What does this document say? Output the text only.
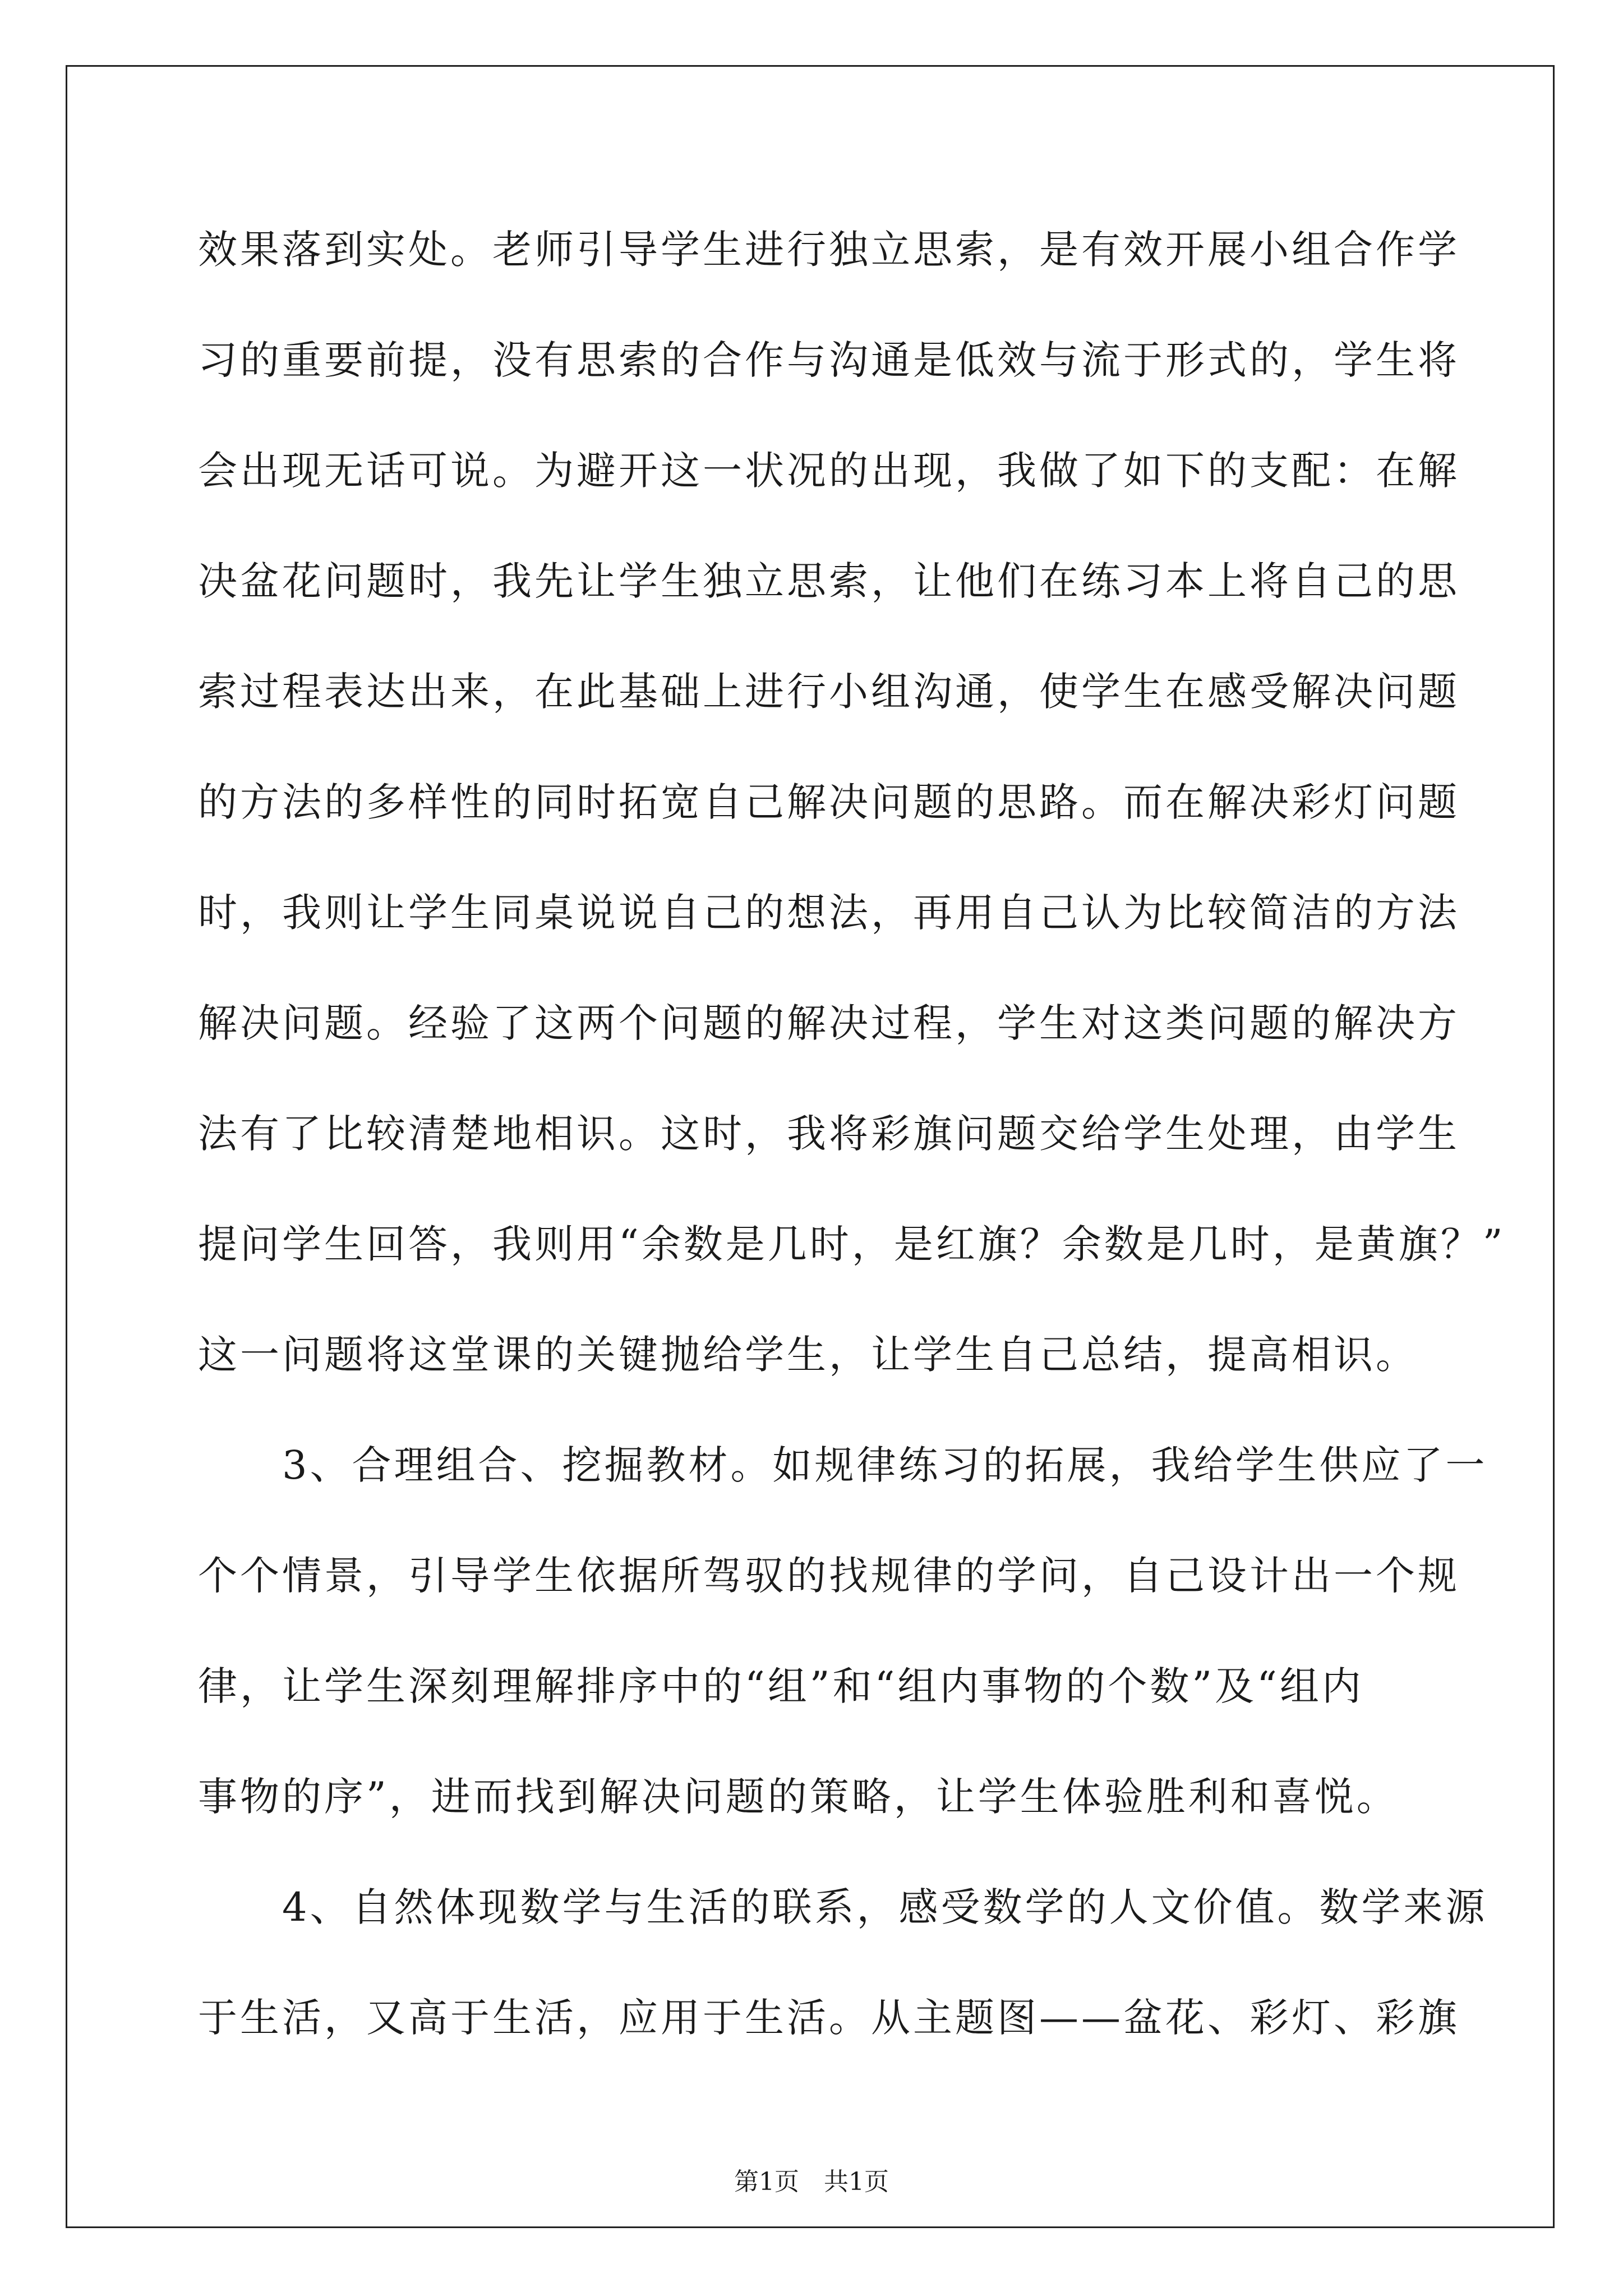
效果落到实处。老师引导学生进行独立思索，是有效开展小组合作学
习的重要前提，没有思索的合作与沟通是低效与流于形式的，学生将
会出现无话可说。为避开这一状况的出现，我做了如下的支配：在解
决盆花问题时，我先让学生独立思索，让他们在练习本上将自己的思
索过程表达出来，在此基础上进行小组沟通，使学生在感受解决问题
的方法的多样性的同时拓宽自己解决问题的思路。而在解决彩灯问题
时，我则让学生同桌说说自己的想法，再用自己认为比较简洁的方法
解决问题。经验了这两个问题的解决过程，学生对这类问题的解决方
法有了比较清楚地相识。这时，我将彩旗问题交给学生处理，由学生
提问学生回答，我则用“余数是几时，是红旗？余数是几时，是黄旗？”
这一问题将这堂课的关键抛给学生，让学生自己总结，提高相识。
　　3、合理组合、挖掘教材。如规律练习的拓展，我给学生供应了一
个个情景，引导学生依据所驾驭的找规律的学问，自己设计出一个规
律，让学生深刻理解排序中的“组”和“组内事物的个数”及“组内
事物的序”，进而找到解决问题的策略，让学生体验胜利和喜悦。
　　4、自然体现数学与生活的联系，感受数学的人文价值。数学来源
于生活，又高于生活，应用于生活。从主题图——盆花、彩灯、彩旗
第1页　共1页
